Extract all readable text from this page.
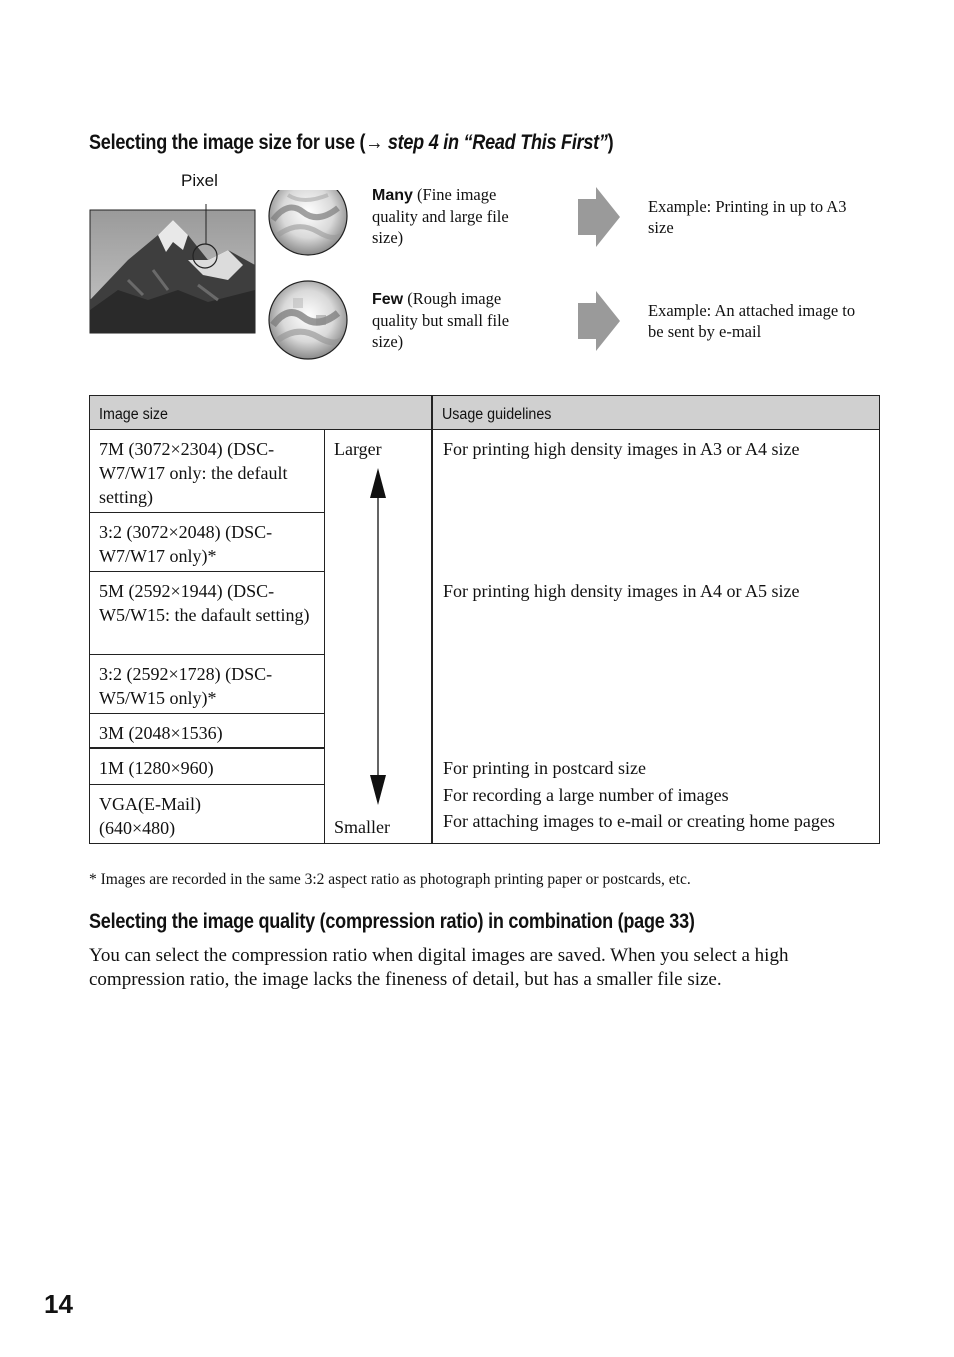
Selecting the image size for use (→ step 4 in “Read This First”)
Pixel
Many (Fine image quality and large file size)
Few (Rough image quality but small file size)
Example: Printing in up to A3 size
Example: An attached image to be sent by e-mail
Image size	Usage guidelines
7M (3072×2304) (DSC-W7/W17 only: the default setting)
3:2 (3072×2048) (DSC-W7/W17 only)*
5M (2592×1944) (DSC-W5/W15: the dafault setting)
3:2 (2592×1728) (DSC-W5/W15 only)*
3M (2048×1536)
1M (1280×960)
VGA(E-Mail) (640×480)
Larger
Smaller
For printing high density images in A3 or A4 size
For printing high density images in A4 or A5 size
For printing in postcard size
For recording a large number of images
For attaching images to e-mail or creating home pages
* Images are recorded in the same 3:2 aspect ratio as photograph printing paper or postcards, etc.
Selecting the image quality (compression ratio) in combination (page 33)
You can select the compression ratio when digital images are saved. When you select a high compression ratio, the image lacks the fineness of detail, but has a smaller file size.
14
